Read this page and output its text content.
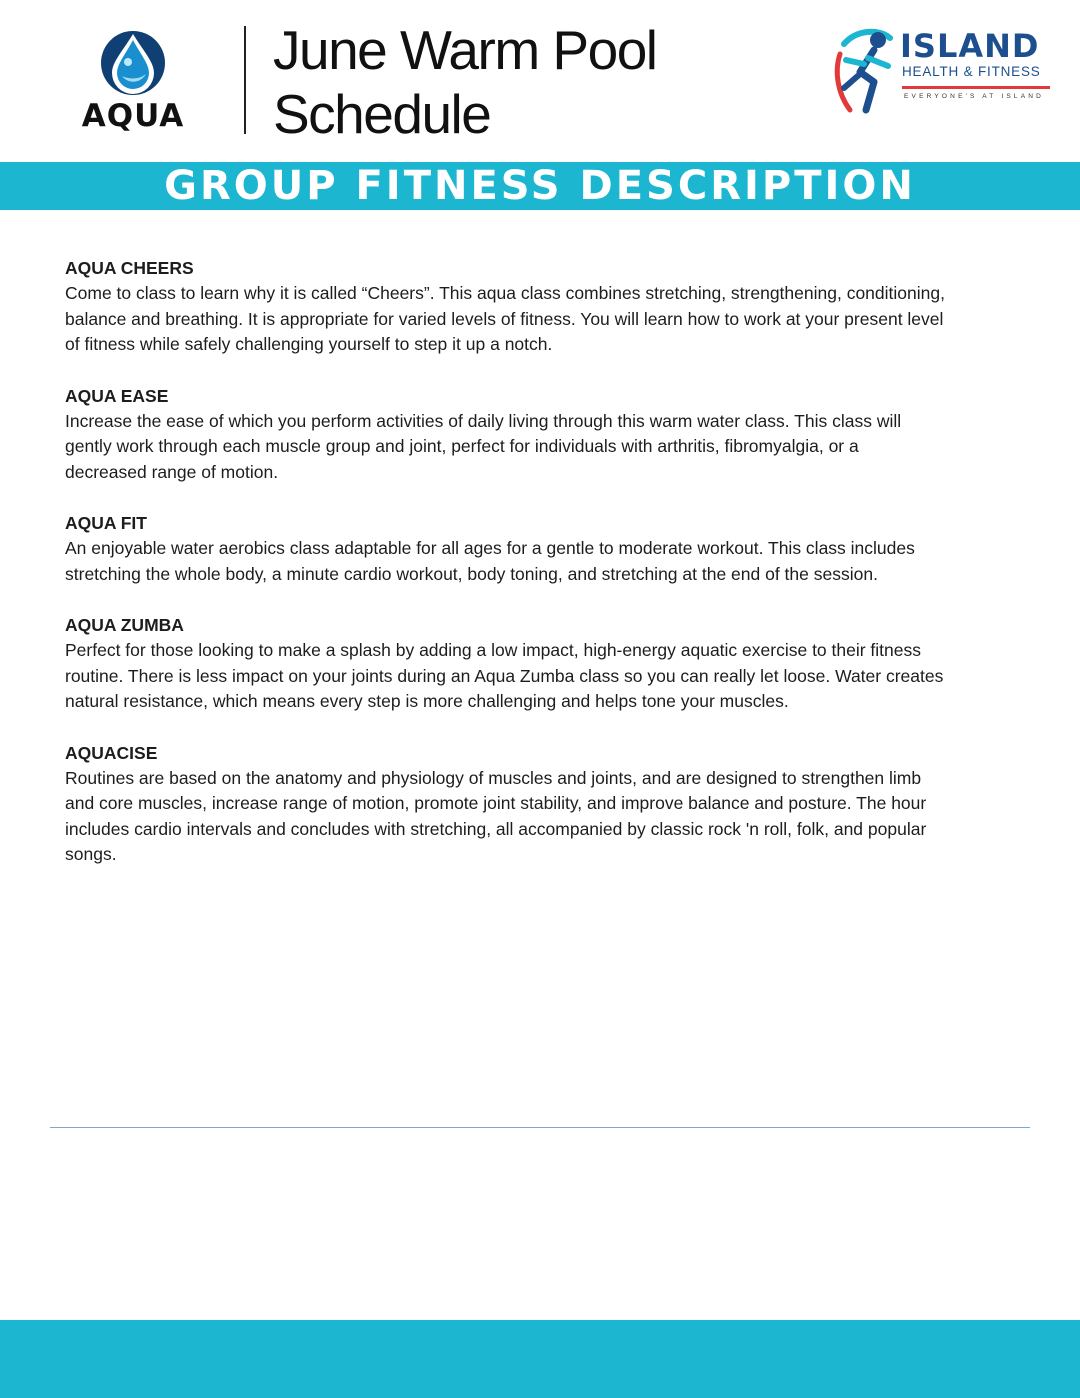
AQUA
June Warm Pool
Schedule
ISLAND
HEALTH & FITNESS
EVERYONE'S AT ISLAND
GROUP FITNESS DESCRIPTION
AQUA CHEERS

Come to class to learn why it is called “Cheers”. This aqua class combines stretching, strengthening, conditioning, balance and breathing. It is appropriate for varied levels of fitness. You will learn how to work at your present level of fitness while safely challenging yourself to step it up a notch.

AQUA EASE

Increase the ease of which you perform activities of daily living through this warm water class. This class will gently work through each muscle group and joint, perfect for individuals with arthritis, fibromyalgia, or a decreased range of motion.

AQUA FIT

An enjoyable water aerobics class adaptable for all ages for a gentle to moderate workout. This class includes stretching the whole body, a minute cardio workout, body toning, and stretching at the end of the session.

AQUA ZUMBA

Perfect for those looking to make a splash by adding a low impact, high-energy aquatic exercise to their fitness routine. There is less impact on your joints during an Aqua Zumba class so you can really let loose. Water creates natural resistance, which means every step is more challenging and helps tone your muscles.

AQUACISE

Routines are based on the anatomy and physiology of muscles and joints, and are designed to strengthen limb and core muscles, increase range of motion, promote joint stability, and improve balance and posture. The hour includes cardio intervals and concludes with stretching, all accompanied by classic rock 'n roll, folk, and popular songs.
